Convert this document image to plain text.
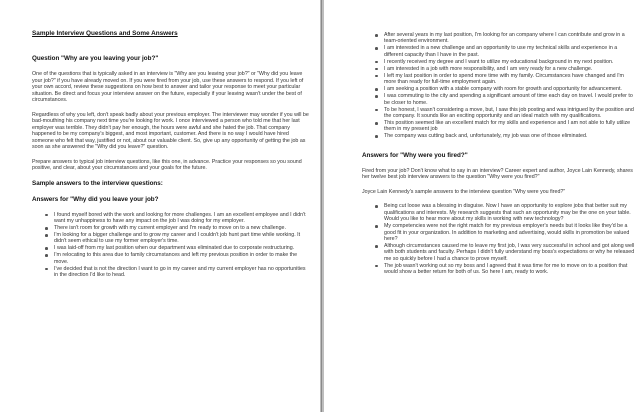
Sample Interview Questions and Some Answers
Question "Why are you leaving your job?"

One of the questions that is typically asked in an interview is "Why are you leaving your job?" or "Why did you leave your job?" if you have already moved on. If you were fired from your job, use these answers to respond. If you left of your own accord, review these suggestions on how best to answer and tailor your response to meet your particular situation. Be direct and focus your interview answer on the future, especially if your leaving wasn't under the best of circumstances.

Regardless of why you left, don't speak badly about your previous employer. The interviewer may wonder if you will be bad-mouthing his company next time you're looking for work. I once interviewed a person who told me that her last employer was terrible. They didn't pay her enough, the hours were awful and she hated the job. That company happened to be my company's biggest, and most important, customer. And there is no way I would have hired someone who felt that way, justified or not, about our valuable client. So, give up any opportunity of getting the job as soon as she answered the "Why did you leave?" question.

Prepare answers to typical job interview questions, like this one, in advance. Practice your responses so you sound positive, and clear, about your circumstances and your goals for the future.

Sample answers to the interview questions:
Answers for "Why did you leave your job?
I found myself bored with the work and looking for more challenges. I am an excellent employee and I didn't want my unhappiness to have any impact on the job I was doing for my employer.
There isn't room for growth with my current employer and I'm ready to move on to a new challenge.
I'm looking for a bigger challenge and to grow my career and I couldn't job hunt part time while working. It didn't seem ethical to use my former employer's time.
I was laid-off from my last position when our department was eliminated due to corporate restructuring.
I'm relocating to this area due to family circumstances and left my previous position in order to make the move.
I've decided that is not the direction I want to go in my career and my current employer has no opportunities in the direction I'd like to head.
After several years in my last position, I'm looking for an company where I can contribute and grow in a team-oriented environment.
I am interested in a new challenge and an opportunity to use my technical skills and experience in a different capacity than I have in the past.
I recently received my degree and I want to utilize my educational background in my next position.
I am interested in a job with more responsibility, and I am very ready for a new challenge.
I left my last position in order to spend more time with my family. Circumstances have changed and I'm more than ready for full-time employment again.
I am seeking a position with a stable company with room for growth and opportunity for advancement.
I was commuting to the city and spending a significant amount of time each day on travel. I would prefer to be closer to home.
To be honest, I wasn't considering a move, but, I saw this job posting and was intrigued by the position and the company. It sounds like an exciting opportunity and an ideal match with my qualifications.
This position seemed like an excellent match for my skills and experience and I am not able to fully utilize them in my present job
The company was cutting back and, unfortunately, my job was one of those eliminated.
Answers for "Why were you fired?"

Fired from your job? Don't know what to say in an interview? Career expert and author, Joyce Lain Kennedy, shares her twelve best job interview answers to the question "Why were you fired?"

Joyce Lain Kennedy's sample answers to the interview question "Why were you fired?"

Being cut loose was a blessing in disguise. Now I have an opportunity to explore jobs that better suit my qualifications and interests. My research suggests that such an opportunity may be the one on your table. Would you like to hear more about my skills in working with new technology?
My competencies were not the right match for my previous employer's needs but it looks like they'd be a good fit in your organization. In addition to marketing and advertising, would skills in promotion be valued here?
Although circumstances caused me to leave my first job, I was very successful in school and got along well with both students and faculty. Perhaps I didn't fully understand my boss's expectations or why he released me so quickly before I had a chance to prove myself.
The job wasn't working out so my boss and I agreed that it was time for me to move on to a position that would show a better return for both of us. So here I am, ready to work.
